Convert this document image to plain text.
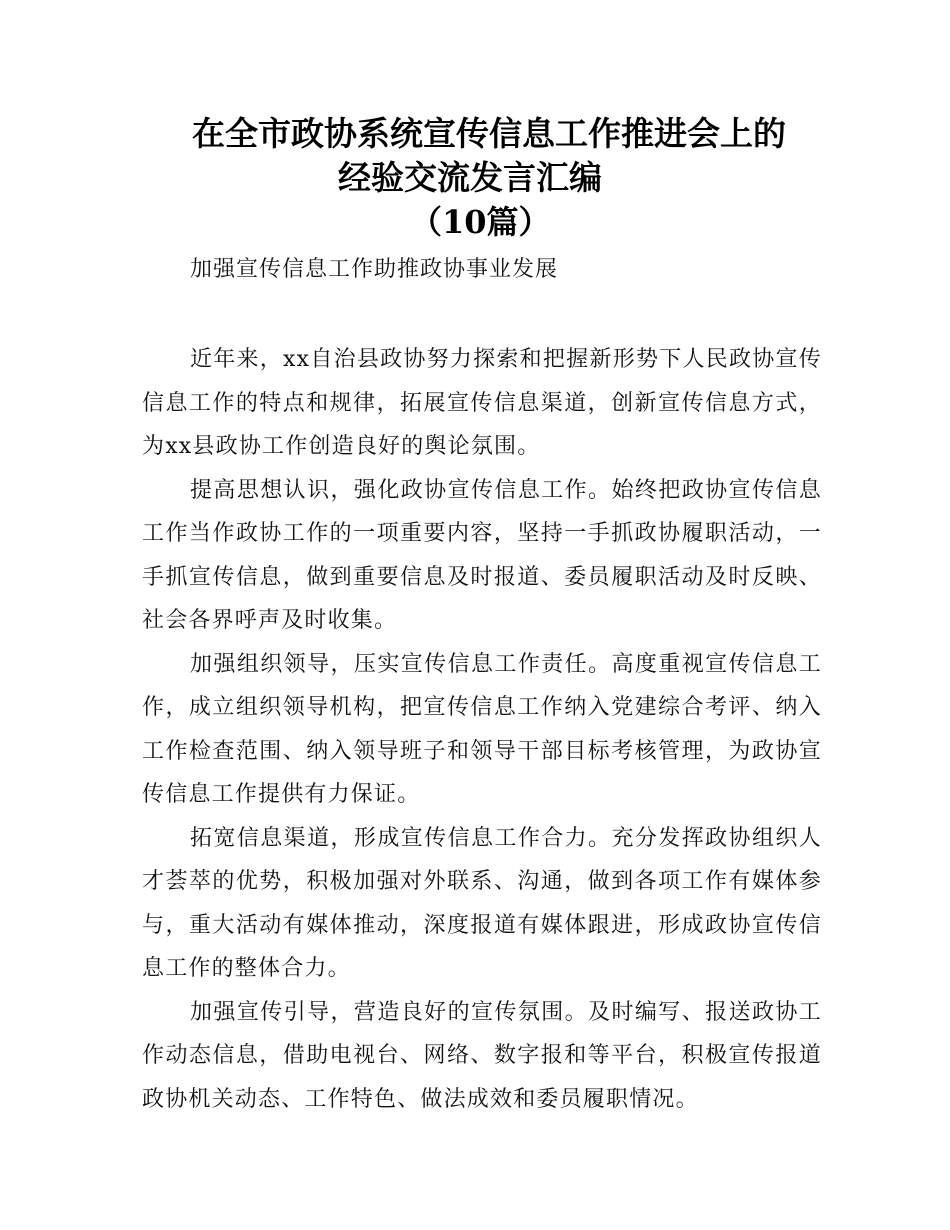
在全市政协系统宣传信息工作推进会上的
经验交流发言汇编
（10篇）
加强宣传信息工作助推政协事业发展

近年来，xx自治县政协努力探索和把握新形势下人民政协宣传信息工作的特点和规律，拓展宣传信息渠道，创新宣传信息方式，为xx县政协工作创造良好的舆论氛围。

提高思想认识，强化政协宣传信息工作。始终把政协宣传信息工作当作政协工作的一项重要内容，坚持一手抓政协履职活动，一手抓宣传信息，做到重要信息及时报道、委员履职活动及时反映、社会各界呼声及时收集。

加强组织领导，压实宣传信息工作责任。高度重视宣传信息工作，成立组织领导机构，把宣传信息工作纳入党建综合考评、纳入工作检查范围、纳入领导班子和领导干部目标考核管理，为政协宣传信息工作提供有力保证。

拓宽信息渠道，形成宣传信息工作合力。充分发挥政协组织人才荟萃的优势，积极加强对外联系、沟通，做到各项工作有媒体参与，重大活动有媒体推动，深度报道有媒体跟进，形成政协宣传信息工作的整体合力。

加强宣传引导，营造良好的宣传氛围。及时编写、报送政协工作动态信息，借助电视台、网络、数字报和等平台，积极宣传报道政协机关动态、工作特色、做法成效和委员履职情况。
